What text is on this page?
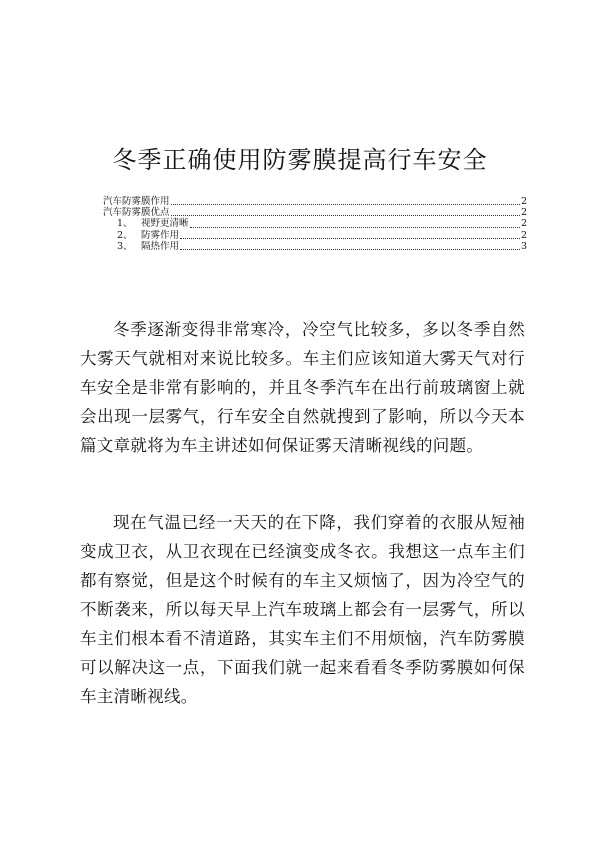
冬季正确使用防雾膜提高行车安全
汽车防雾膜作用	2
汽车防雾膜优点	2
1、 视野更清晰	2
2、 防雾作用	2
3、 隔热作用	3

冬季逐渐变得非常寒冷，冷空气比较多，多以冬季自然大雾天气就相对来说比较多。车主们应该知道大雾天气对行车安全是非常有影响的，并且冬季汽车在出行前玻璃窗上就会出现一层雾气，行车安全自然就搜到了影响，所以今天本篇文章就将为车主讲述如何保证雾天清晰视线的问题。

现在气温已经一天天的在下降，我们穿着的衣服从短袖变成卫衣，从卫衣现在已经演变成冬衣。我想这一点车主们都有察觉，但是这个时候有的车主又烦恼了，因为冷空气的不断袭来，所以每天早上汽车玻璃上都会有一层雾气，所以车主们根本看不清道路，其实车主们不用烦恼，汽车防雾膜可以解决这一点，下面我们就一起来看看冬季防雾膜如何保车主清晰视线。
